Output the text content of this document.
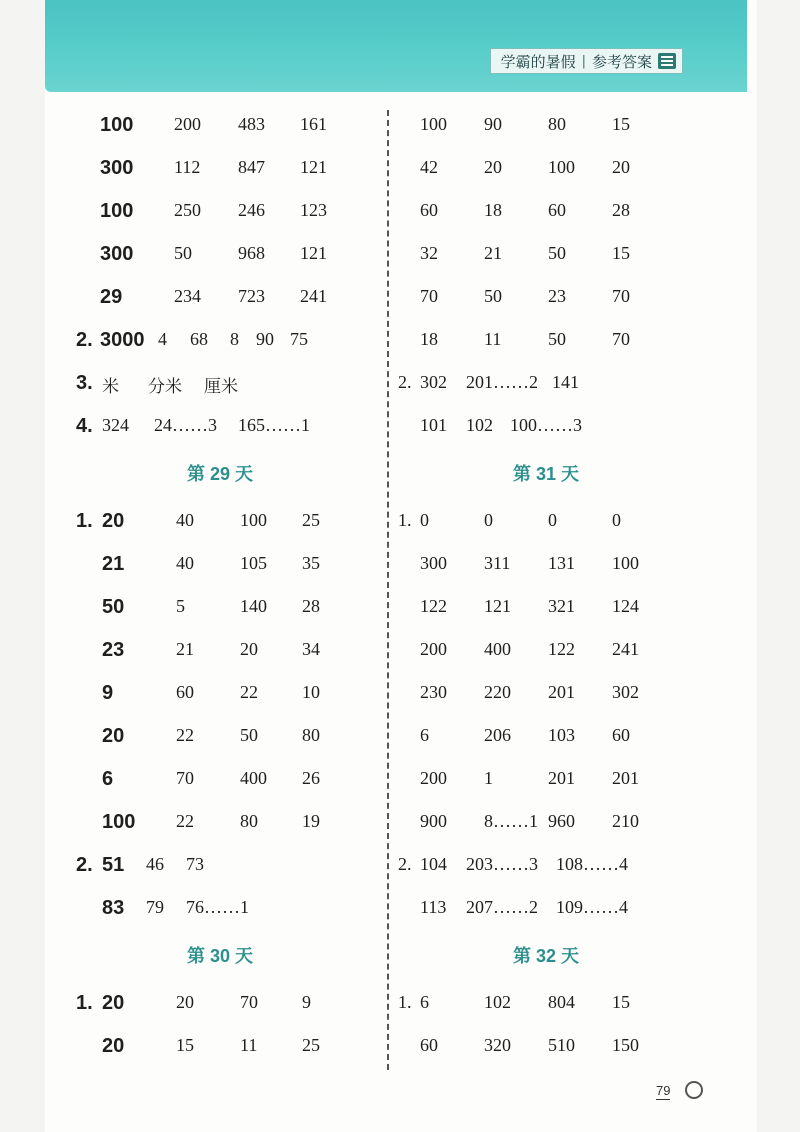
学霸的暑假 | 参考答案
100 200 483 161
300 112 847 121
100 250 246 123
300 50	968 121
29	234 723 241
2. 3000 4 68 8 90 75
3. 米 分米 厘米
4. 324 24……3 165……1
第 29 天
1. 20	40	100 25
21	40	105 35
50	5	140 28
23	21	20 34
9	60	22 10
20	22	50 80
6	70	400 26
100 22	80 19
2. 51 46 73
83 79 76……1
第 30 天
1. 20	20	70 9
20	15	11 25
100 90	80	15
42	20	100 20
60	18	60	28
32	21	50	15
70	50	23	70
18	11	50	70
2. 302 201……2 141
101 102 100……3
第 31 天
1. 0	0	0	0
300 311 131 100
122 121 321 124
200 400 122 241
230 220 201 302
6	206 103 60
200 1	201 201
900 8……1 960 210
2. 104 203……3 108……4
113 207……2 109……4
第 32 天
1. 6	102 804 15
60	320 510 150
79
